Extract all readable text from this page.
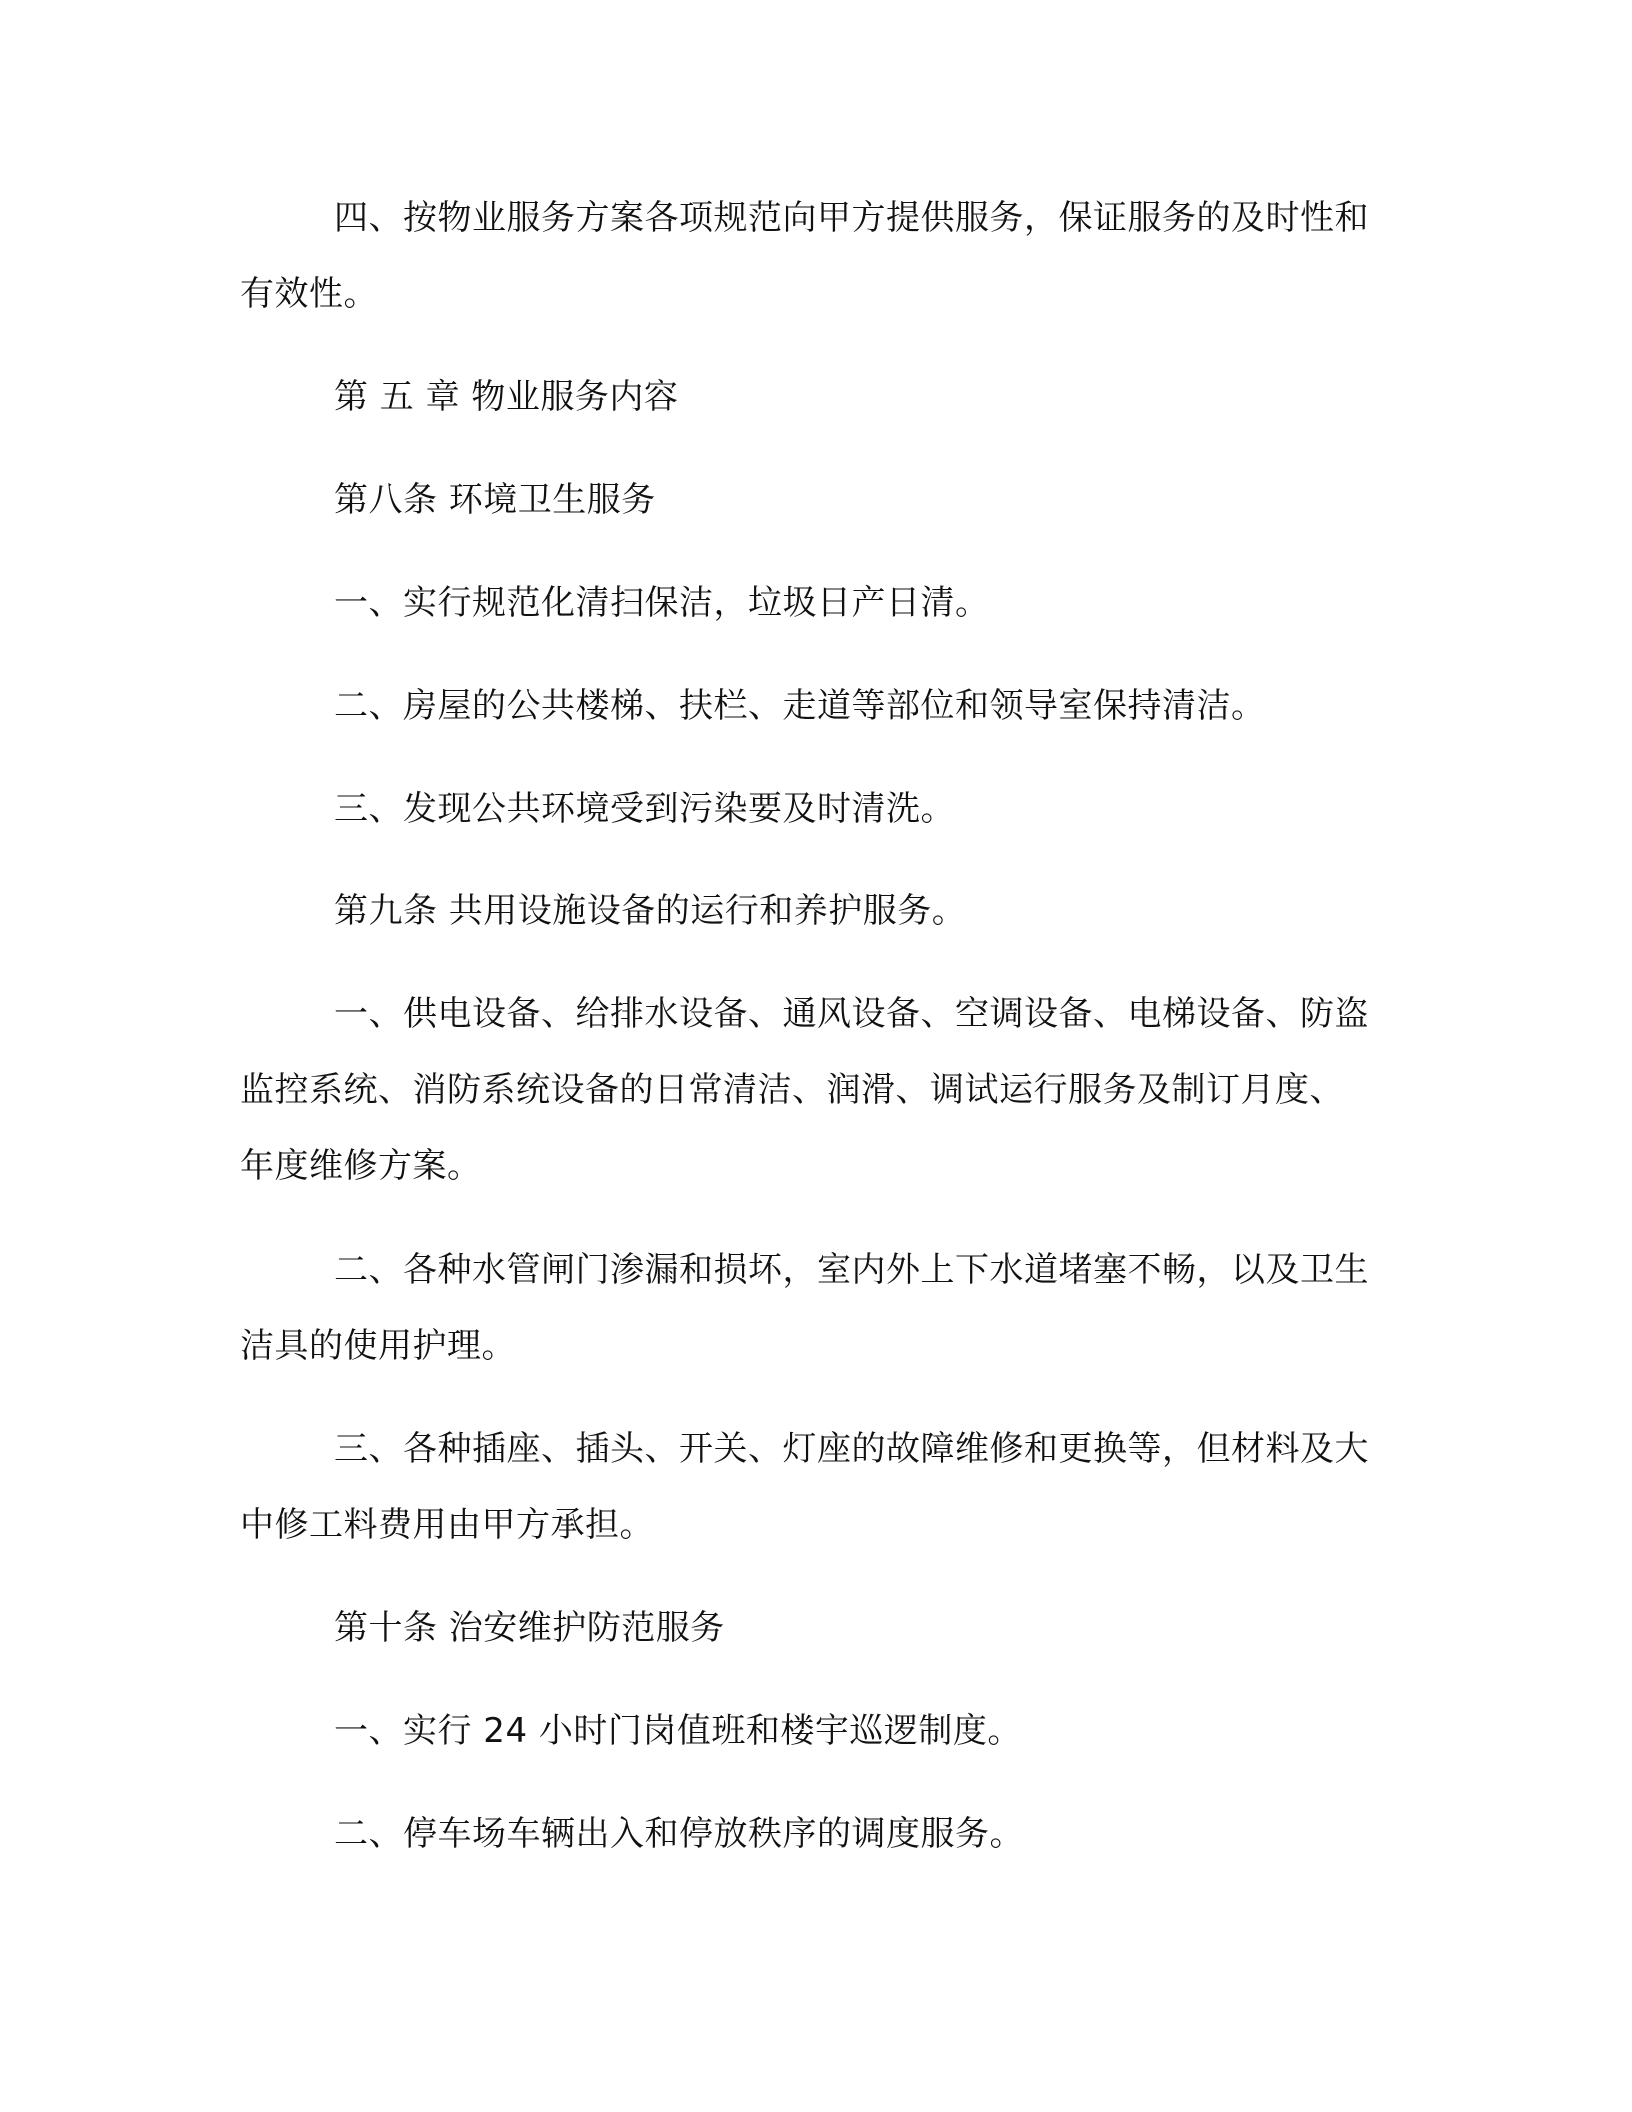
四、按物业服务方案各项规范向甲方提供服务，保证服务的及时性和有效性。

第 五 章 物业服务内容

第八条 环境卫生服务

一、实行规范化清扫保洁，垃圾日产日清。

二、房屋的公共楼梯、扶栏、走道等部位和领导室保持清洁。

三、发现公共环境受到污染要及时清洗。

第九条 共用设施设备的运行和养护服务。

一、供电设备、给排水设备、通风设备、空调设备、电梯设备、防盗监控系统、消防系统设备的日常清洁、润滑、调试运行服务及制订月度、年度维修方案。

二、各种水管闸门渗漏和损坏，室内外上下水道堵塞不畅，以及卫生洁具的使用护理。

三、各种插座、插头、开关、灯座的故障维修和更换等，但材料及大中修工料费用由甲方承担。

第十条 治安维护防范服务

一、实行 24 小时门岗值班和楼宇巡逻制度。

二、停车场车辆出入和停放秩序的调度服务。
